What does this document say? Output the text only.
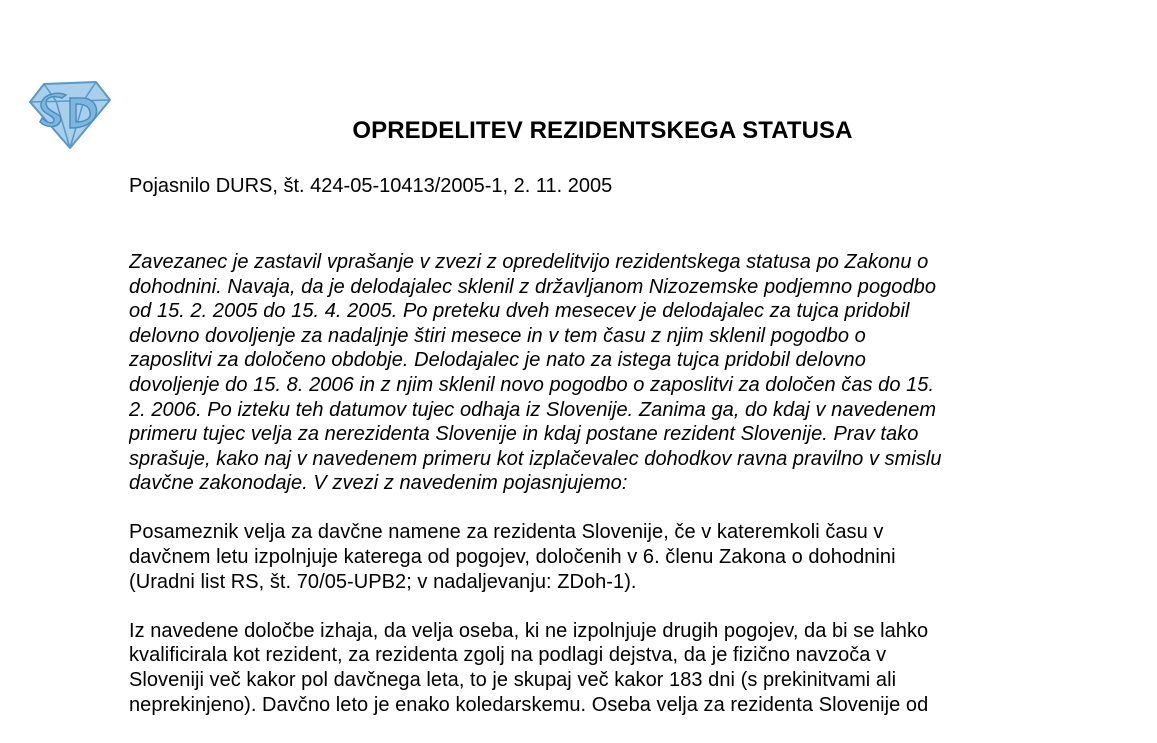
OPREDELITEV REZIDENTSKEGA STATUSA
Pojasnilo DURS, št. 424-05-10413/2005-1, 2. 11. 2005

Zavezanec je zastavil vprašanje v zvezi z opredelitvijo rezidentskega statusa po Zakonu o
dohodnini. Navaja, da je delodajalec sklenil z državljanom Nizozemske podjemno pogodbo
od 15. 2. 2005 do 15. 4. 2005. Po preteku dveh mesecev je delodajalec za tujca pridobil
delovno dovoljenje za nadaljnje štiri mesece in v tem času z njim sklenil pogodbo o
zaposlitvi za določeno obdobje. Delodajalec je nato za istega tujca pridobil delovno
dovoljenje do 15. 8. 2006 in z njim sklenil novo pogodbo o zaposlitvi za določen čas do 15.
2. 2006. Po izteku teh datumov tujec odhaja iz Slovenije. Zanima ga, do kdaj v navedenem
primeru tujec velja za nerezidenta Slovenije in kdaj postane rezident Slovenije. Prav tako
sprašuje, kako naj v navedenem primeru kot izplačevalec dohodkov ravna pravilno v smislu
davčne zakonodaje. V zvezi z navedenim pojasnjujemo:

Posameznik velja za davčne namene za rezidenta Slovenije, če v kateremkoli času v
davčnem letu izpolnjuje katerega od pogojev, določenih v 6. členu Zakona o dohodnini
(Uradni list RS, št. 70/05-UPB2; v nadaljevanju: ZDoh-1).

Iz navedene določbe izhaja, da velja oseba, ki ne izpolnjuje drugih pogojev, da bi se lahko
kvalificirala kot rezident, za rezidenta zgolj na podlagi dejstva, da je fizično navzoča v
Sloveniji več kakor pol davčnega leta, to je skupaj več kakor 183 dni (s prekinitvami ali
neprekinjeno). Davčno leto je enako koledarskemu. Oseba velja za rezidenta Slovenije od
